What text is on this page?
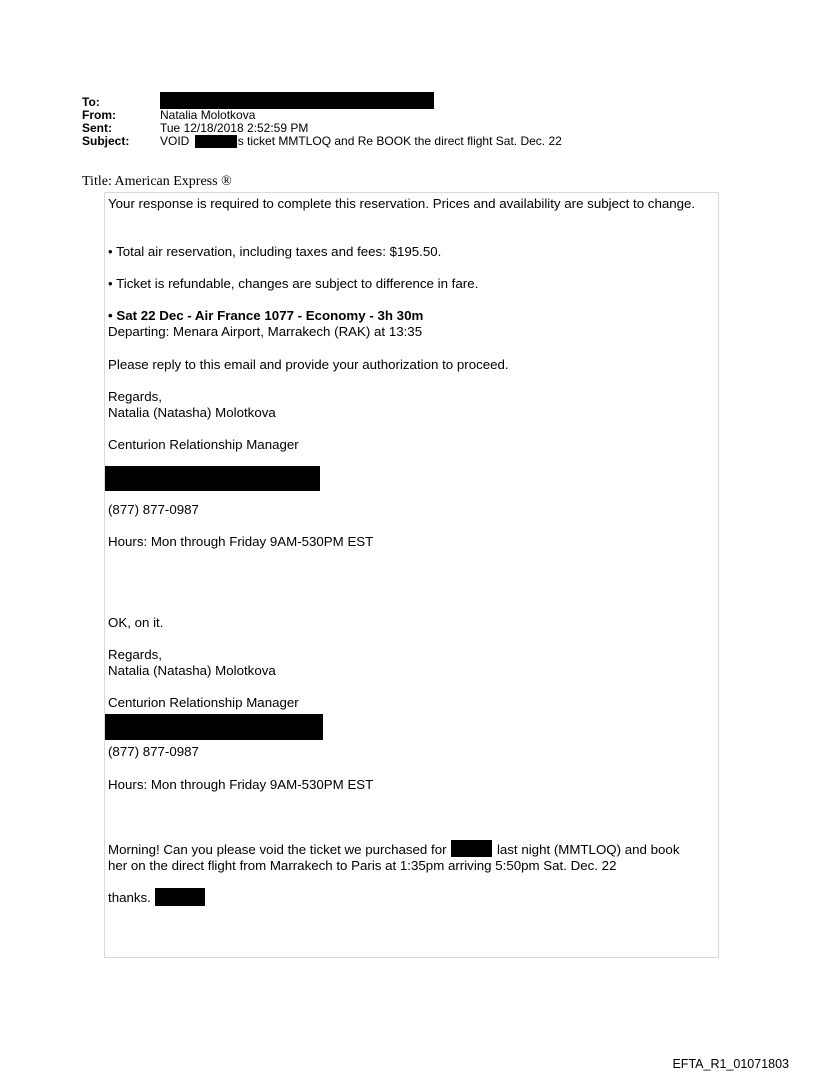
To:
From:	Natalia Molotkova
Sent:	Tue 12/18/2018 2:52:59 PM
Subject:	VOID	s ticket MMTLOQ and Re BOOK the direct flight Sat. Dec. 22
Title: American Express ®
Your response is required to complete this reservation. Prices and availability are subject to change.
• Total air reservation, including taxes and fees: $195.50.
• Ticket is refundable, changes are subject to difference in fare.
• Sat 22 Dec - Air France 1077 - Economy - 3h 30m
Departing: Menara Airport, Marrakech (RAK) at 13:35
Please reply to this email and provide your authorization to proceed.
Regards,
Natalia (Natasha) Molotkova
Centurion Relationship Manager
(877) 877-0987
Hours: Mon through Friday 9AM-530PM EST
OK, on it.
Regards,
Natalia (Natasha) Molotkova
Centurion Relationship Manager
(877) 877-0987
Hours: Mon through Friday 9AM-530PM EST
Morning! Can you please void the ticket we purchased for	last night (MMTLOQ) and book
her on the direct flight from Marrakech to Paris at 1:35pm arriving 5:50pm Sat. Dec. 22
thanks.
EFTA_R1_01071803
